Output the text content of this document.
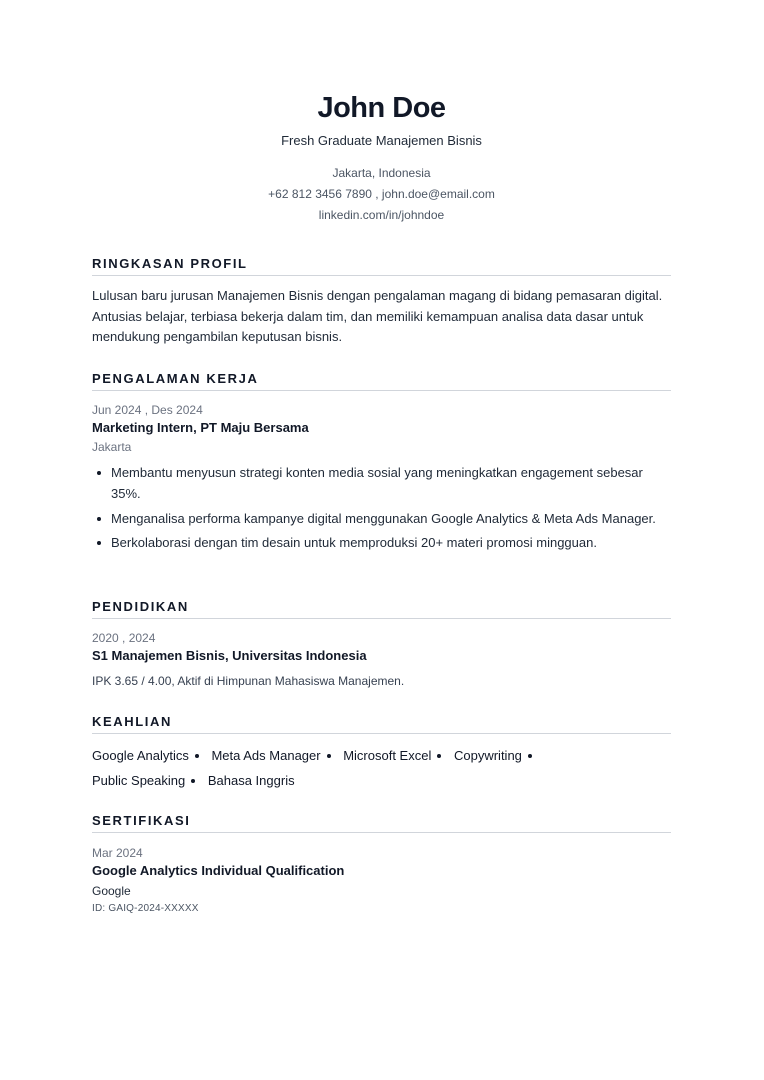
John Doe
Fresh Graduate Manajemen Bisnis
Jakarta, Indonesia
+62 812 3456 7890 , john.doe@email.com
linkedin.com/in/johndoe
RINGKASAN PROFIL
Lulusan baru jurusan Manajemen Bisnis dengan pengalaman magang di bidang pemasaran digital. Antusias belajar, terbiasa bekerja dalam tim, dan memiliki kemampuan analisa data dasar untuk mendukung pengambilan keputusan bisnis.
PENGALAMAN KERJA
Jun 2024 , Des 2024
Marketing Intern, PT Maju Bersama
Jakarta
Membantu menyusun strategi konten media sosial yang meningkatkan engagement sebesar 35%.
Menganalisa performa kampanye digital menggunakan Google Analytics & Meta Ads Manager.
Berkolaborasi dengan tim desain untuk memproduksi 20+ materi promosi mingguan.
PENDIDIKAN
2020 , 2024
S1 Manajemen Bisnis, Universitas Indonesia
IPK 3.65 / 4.00, Aktif di Himpunan Mahasiswa Manajemen.
KEAHLIAN
Google Analytics Meta Ads Manager Microsoft Excel Copywriting Public Speaking Bahasa Inggris
SERTIFIKASI
Mar 2024
Google Analytics Individual Qualification
Google
ID: GAIQ-2024-XXXXX
